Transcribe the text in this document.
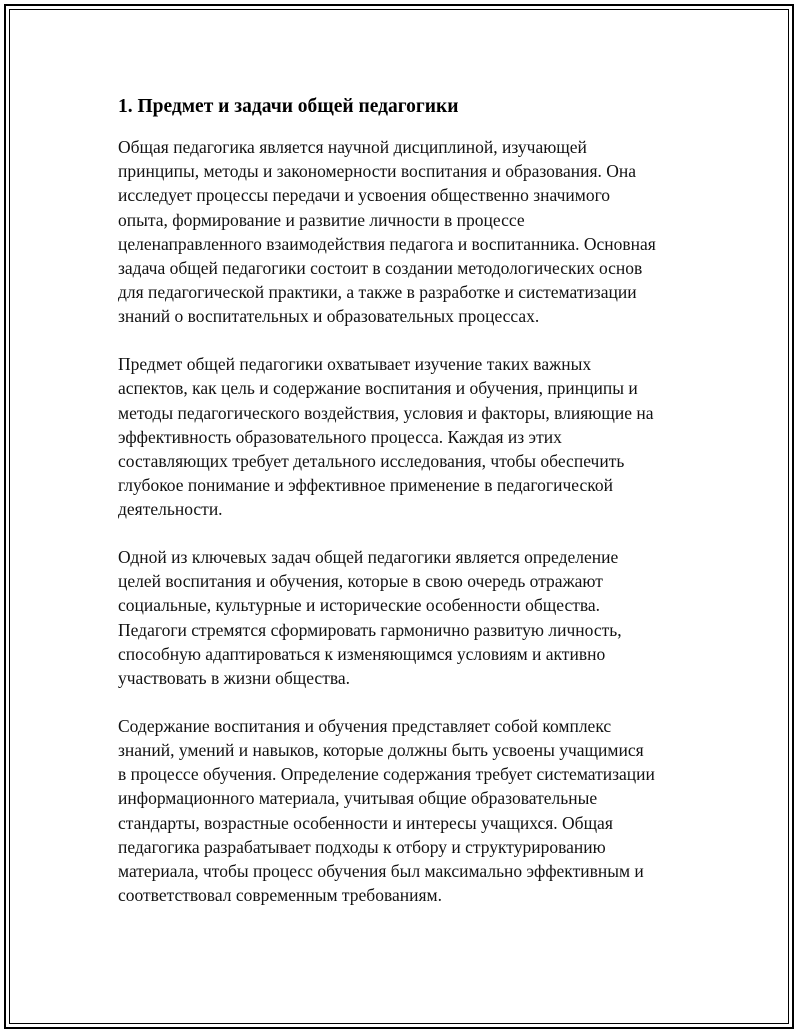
1. Предмет и задачи общей педагогики

Общая педагогика является научной дисциплиной, изучающей
принципы, методы и закономерности воспитания и образования. Она
исследует процессы передачи и усвоения общественно значимого
опыта, формирование и развитие личности в процессе
целенаправленного взаимодействия педагога и воспитанника. Основная
задача общей педагогики состоит в создании методологических основ
для педагогической практики, а также в разработке и систематизации
знаний о воспитательных и образовательных процессах.

Предмет общей педагогики охватывает изучение таких важных
аспектов, как цель и содержание воспитания и обучения, принципы и
методы педагогического воздействия, условия и факторы, влияющие на
эффективность образовательного процесса. Каждая из этих
составляющих требует детального исследования, чтобы обеспечить
глубокое понимание и эффективное применение в педагогической
деятельности.

Одной из ключевых задач общей педагогики является определение
целей воспитания и обучения, которые в свою очередь отражают
социальные, культурные и исторические особенности общества.
Педагоги стремятся сформировать гармонично развитую личность,
способную адаптироваться к изменяющимся условиям и активно
участвовать в жизни общества.

Содержание воспитания и обучения представляет собой комплекс
знаний, умений и навыков, которые должны быть усвоены учащимися
в процессе обучения. Определение содержания требует систематизации
информационного материала, учитывая общие образовательные
стандарты, возрастные особенности и интересы учащихся. Общая
педагогика разрабатывает подходы к отбору и структурированию
материала, чтобы процесс обучения был максимально эффективным и
соответствовал современным требованиям.
